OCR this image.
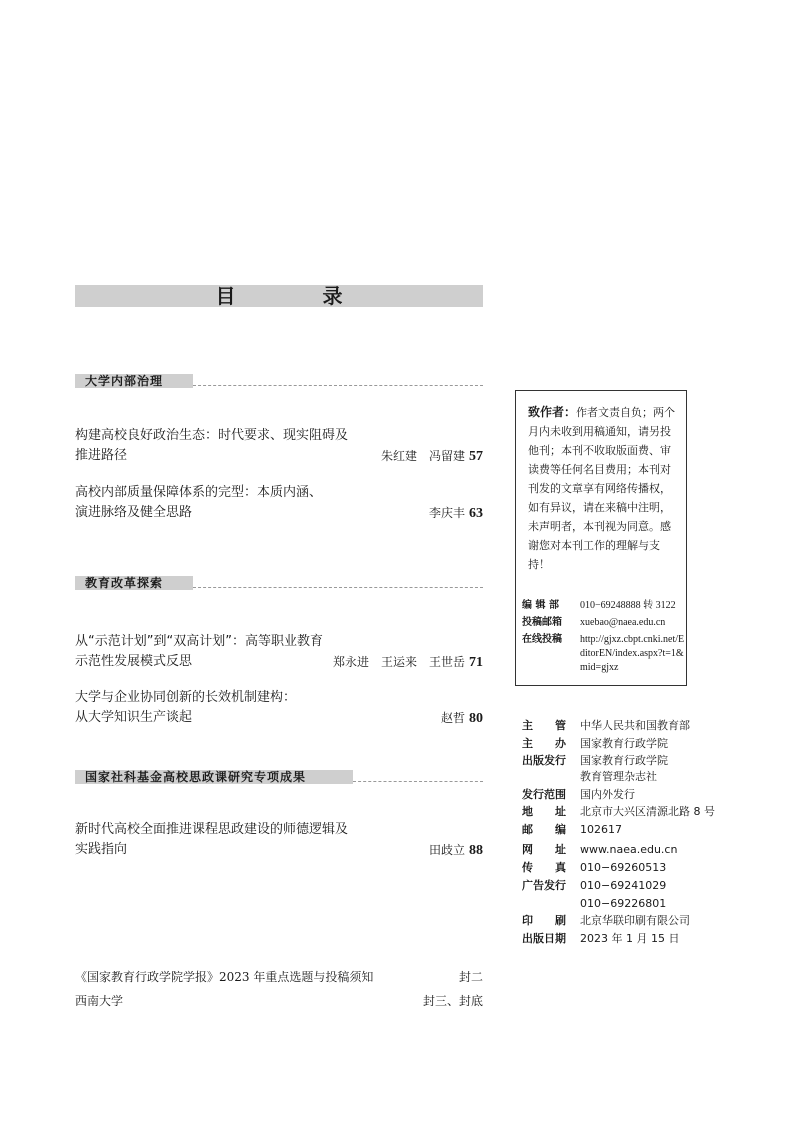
目 录
大学内部治理
构建高校良好政治生态：时代要求、现实阻碍及
推进路径	朱红建　冯留建 57
高校内部质量保障体系的完型：本质内涵、
演进脉络及健全思路	李庆丰 63
教育改革探索
从“示范计划”到“双高计划”：高等职业教育
示范性发展模式反思	郑永进　王运来　王世岳 71
大学与企业协同创新的长效机制建构：
从大学知识生产谈起	赵哲 80
国家社科基金高校思政课研究专项成果
新时代高校全面推进课程思政建设的师德逻辑及
实践指向	田歧立 88
《国家教育行政学院学报》2023 年重点选题与投稿须知	封二
西南大学	封三、封底
致作者：作者文责自负；两个月内未收到用稿通知，请另投他刊；本刊不收取版面费、审读费等任何名目费用；本刊对刊发的文章享有网络传播权，如有异议，请在来稿中注明，未声明者，本刊视为同意。感谢您对本刊工作的理解与支持！
编 辑 部 010−69248888 转 3122
投稿邮箱 xuebao@naea.edu.cn
在线投稿 http://gjxz.cbpt.cnki.net/EditorEN/index.aspx?t=1&mid=gjxz
主　　管 中华人民共和国教育部
主　　办 国家教育行政学院
出版发行 国家教育行政学院
教育管理杂志社
发行范围 国内外发行
地　　址 北京市大兴区清源北路 8 号
邮　　编 102617
网　　址 www.naea.edu.cn
传　　真 010−69260513
广告发行 010−69241029
010−69226801
印　　刷 北京华联印刷有限公司
出版日期 2023 年 1 月 15 日
